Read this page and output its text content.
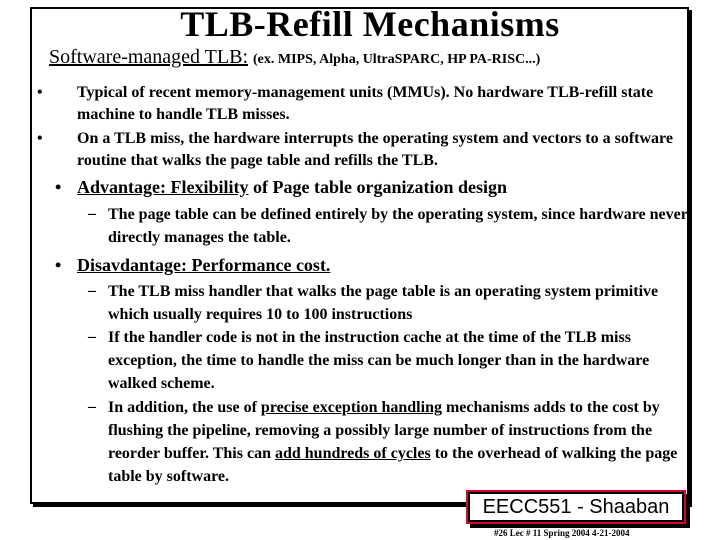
TLB-Refill Mechanisms
Software-managed TLB: (ex. MIPS, Alpha, UltraSPARC, HP PA-RISC...)
• Typical of recent memory-management units (MMUs). No hardware TLB-refill state machine to handle TLB misses.
• On a TLB miss, the hardware interrupts the operating system and vectors to a software routine that walks the page table and refills the TLB.
• Advantage: Flexibility of Page table organization design
– The page table can be defined entirely by the operating system, since hardware never directly manages the table.
• Disavdantage: Performance cost.
– The TLB miss handler that walks the page table is an operating system primitive which usually requires 10 to 100 instructions
– If the handler code is not in the instruction cache at the time of the TLB miss exception, the time to handle the miss can be much longer than in the hardware walked scheme.
– In addition, the use of precise exception handling mechanisms adds to the cost by flushing the pipeline, removing a possibly large number of instructions from the reorder buffer. This can add hundreds of cycles to the overhead of walking the page table by software.
EECC551 - Shaaban
#26 Lec # 11 Spring 2004 4-21-2004
